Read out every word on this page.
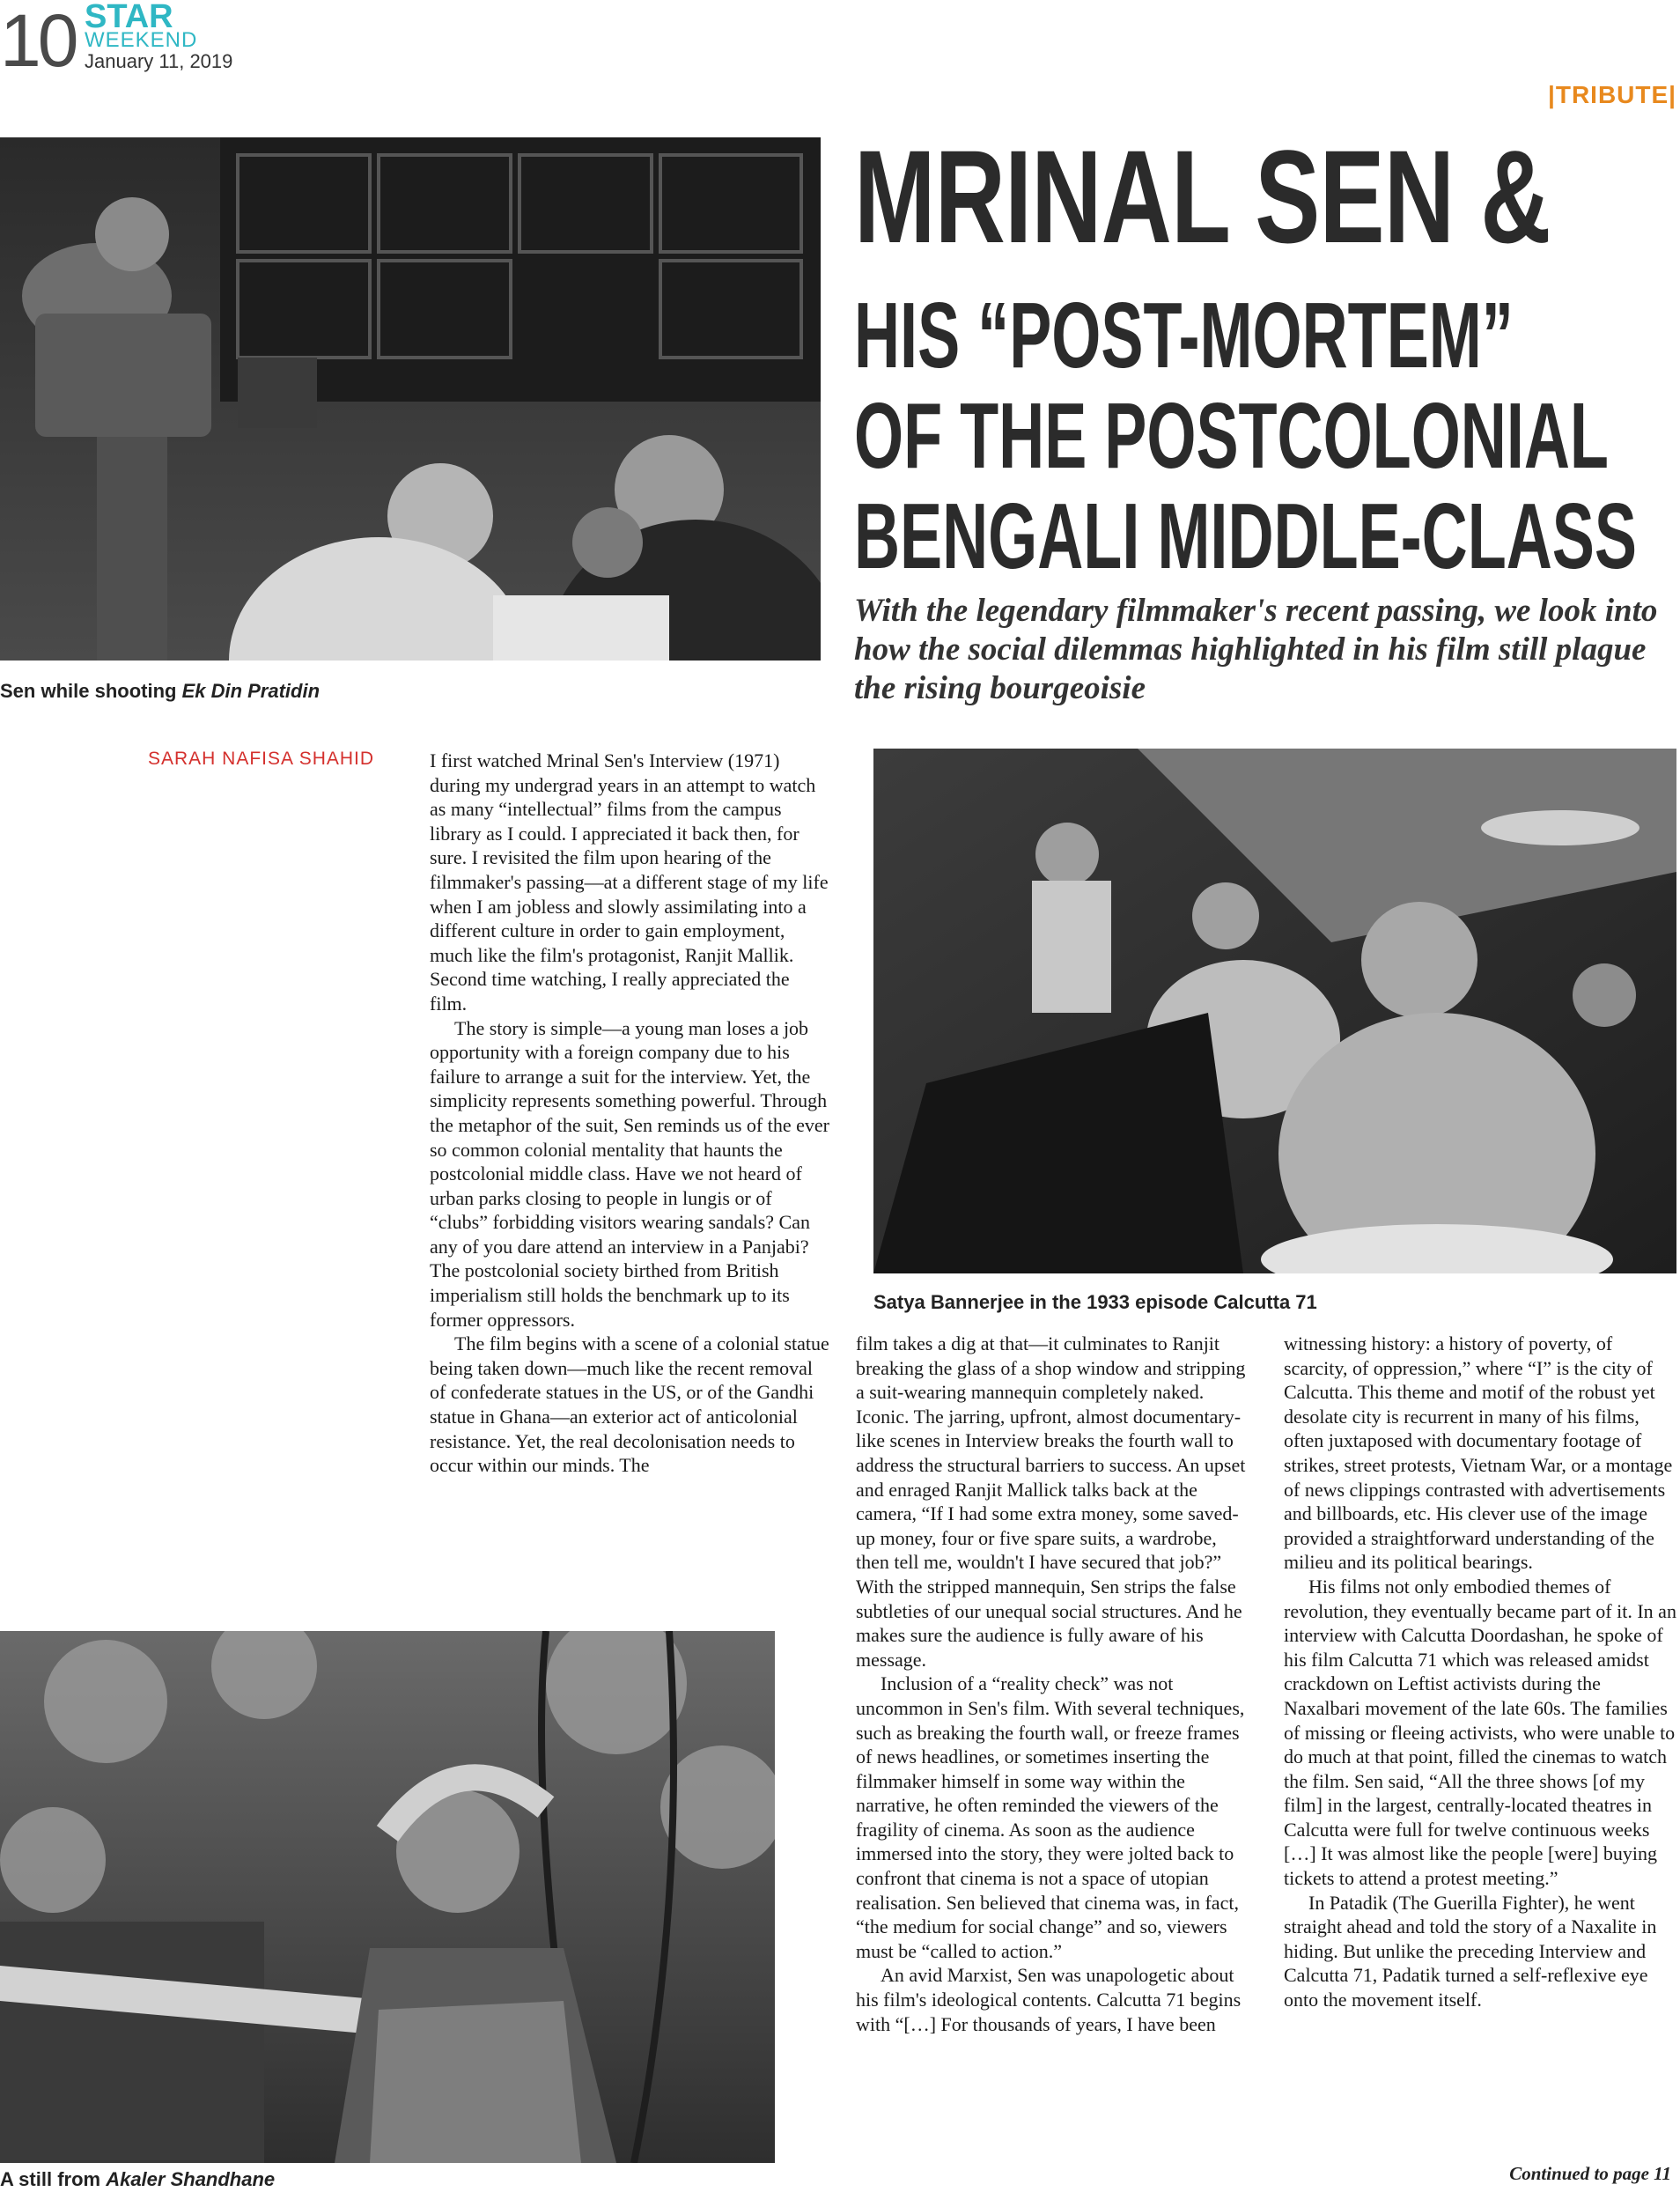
10 STAR
WEEKEND
January 11, 2019
|TRIBUTE|
MRINAL SEN &
HIS “POST-MORTEM”
OF THE POSTCOLONIAL
BENGALI MIDDLE-CLASS
With the legendary filmmaker's recent passing, we look into how the social dilemmas highlighted in his film still plague the rising bourgeoisie
Sen while shooting Ek Din Pratidin
Satya Bannerjee in the 1933 episode Calcutta 71
SARAH NAFISA SHAHID	I first watched Mrinal Sen's Interview (1971) during my undergrad years in an attempt to watch as many “intellectual” films from the campus library as I could. I appreciated it back then, for sure. I revisited the film upon hearing of the filmmaker's passing—at a different stage of my life when I am jobless and slowly assimilating into a different culture in order to gain employment, much like the film's protagonist, Ranjit Mallik. Second time watching, I really appreciated the film.

The story is simple—a young man loses a job opportunity with a foreign company due to his failure to arrange a suit for the interview. Yet, the simplicity represents something powerful. Through the metaphor of the suit, Sen reminds us of the ever so common colonial mentality that haunts the postcolonial middle class. Have we not heard of urban parks closing to people in lungis or of “clubs” forbidding visitors wearing sandals? Can any of you dare attend an interview in a Panjabi? The postcolonial society birthed from British imperialism still holds the benchmark up to its former oppressors.

The film begins with a scene of a colonial statue being taken down—much like the recent removal of confederate statues in the US, or of the Gandhi statue in Ghana—an exterior act of anticolonial resistance. Yet, the real decolonisation needs to occur within our minds. The

A still from Akaler Shandhane

film takes a dig at that—it culminates to Ranjit breaking the glass of a shop window and stripping a suit-wearing mannequin completely naked. Iconic. The jarring, upfront, almost documentary-like scenes in Interview breaks the fourth wall to address the structural barriers to success. An upset and enraged Ranjit Mallick talks back at the camera, “If I had some extra money, some saved-up money, four or five spare suits, a wardrobe, then tell me, wouldn't I have secured that job?” With the stripped mannequin, Sen strips the false subtleties of our unequal social structures. And he makes sure the audience is fully aware of his message.

Inclusion of a “reality check” was not uncommon in Sen's film. With several techniques, such as breaking the fourth wall, or freeze frames of news headlines, or sometimes inserting the filmmaker himself in some way within the narrative, he often reminded the viewers of the fragility of cinema. As soon as the audience immersed into the story, they were jolted back to confront that cinema is not a space of utopian realisation. Sen believed that cinema was, in fact, “the medium for social change” and so, viewers must be “called to action.”

An avid Marxist, Sen was unapologetic about his film's ideological contents. Calcutta 71 begins with “[…] For thousands of years, I have been

witnessing history: a history of poverty, of scarcity, of oppression,” where “I” is the city of Calcutta. This theme and motif of the robust yet desolate city is recurrent in many of his films, often juxtaposed with documentary footage of strikes, street protests, Vietnam War, or a montage of news clippings contrasted with advertisements and billboards, etc. His clever use of the image provided a straightforward understanding of the milieu and its political bearings.

His films not only embodied themes of revolution, they eventually became part of it. In an interview with Calcutta Doordashan, he spoke of his film Calcutta 71 which was released amidst crackdown on Leftist activists during the Naxalbari movement of the late 60s. The families of missing or fleeing activists, who were unable to do much at that point, filled the cinemas to watch the film. Sen said, “All the three shows [of my film] in the largest, centrally-located theatres in Calcutta were full for twelve continuous weeks […] It was almost like the people [were] buying tickets to attend a protest meeting.”

In Patadik (The Guerilla Fighter), he went straight ahead and told the story of a Naxalite in hiding. But unlike the preceding Interview and Calcutta 71, Padatik turned a self-reflexive eye onto the movement itself.

Continued to page 11
